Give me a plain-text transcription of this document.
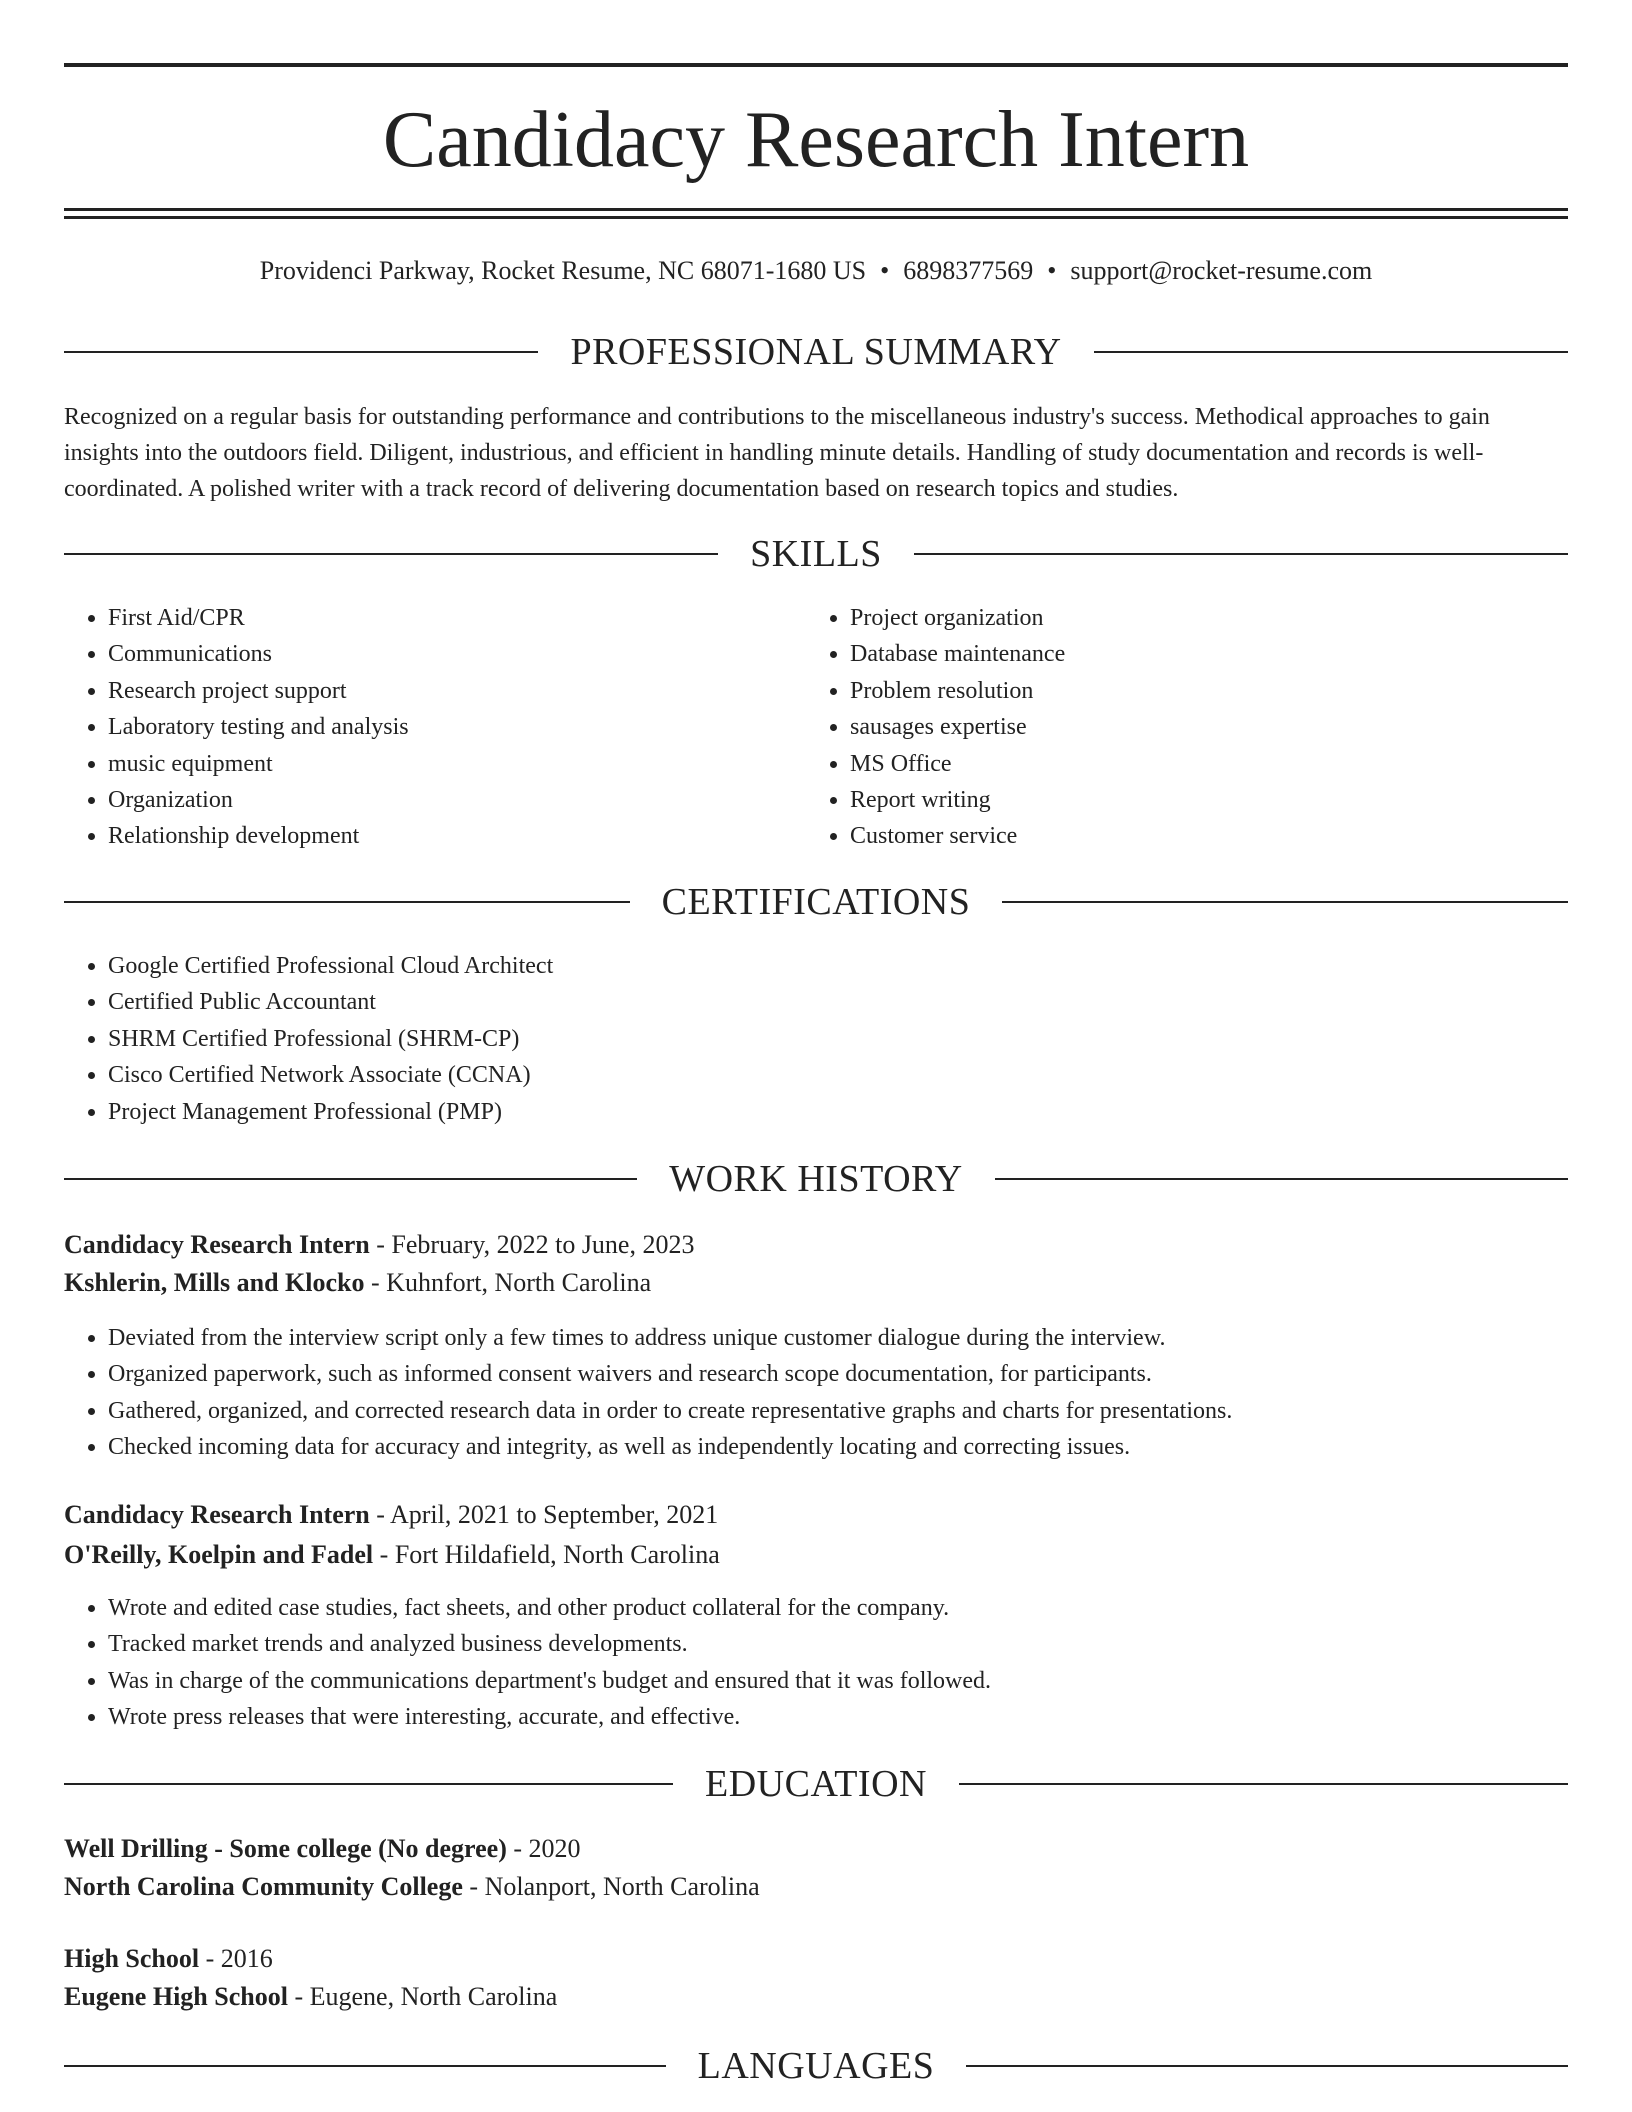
Candidacy Research Intern
Providenci Parkway, Rocket Resume, NC 68071-1680 US • 6898377569 • support@rocket-resume.com
PROFESSIONAL SUMMARY
Recognized on a regular basis for outstanding performance and contributions to the miscellaneous industry's success. Methodical approaches to gain
insights into the outdoors field. Diligent, industrious, and efficient in handling minute details. Handling of study documentation and records is well-
coordinated. A polished writer with a track record of delivering documentation based on research topics and studies.
SKILLS
• First Aid/CPR
• Communications
• Research project support
• Laboratory testing and analysis
• music equipment
• Organization
• Relationship development
• Project organization
• Database maintenance
• Problem resolution
• sausages expertise
• MS Office
• Report writing
• Customer service
CERTIFICATIONS
• Google Certified Professional Cloud Architect
• Certified Public Accountant
• SHRM Certified Professional (SHRM-CP)
• Cisco Certified Network Associate (CCNA)
• Project Management Professional (PMP)
WORK HISTORY
Candidacy Research Intern - February, 2022 to June, 2023
Kshlerin, Mills and Klocko - Kuhnfort, North Carolina
• Deviated from the interview script only a few times to address unique customer dialogue during the interview.
• Organized paperwork, such as informed consent waivers and research scope documentation, for participants.
• Gathered, organized, and corrected research data in order to create representative graphs and charts for presentations.
• Checked incoming data for accuracy and integrity, as well as independently locating and correcting issues.
Candidacy Research Intern - April, 2021 to September, 2021
O'Reilly, Koelpin and Fadel - Fort Hildafield, North Carolina
• Wrote and edited case studies, fact sheets, and other product collateral for the company.
• Tracked market trends and analyzed business developments.
• Was in charge of the communications department's budget and ensured that it was followed.
• Wrote press releases that were interesting, accurate, and effective.
EDUCATION
Well Drilling - Some college (No degree) - 2020
North Carolina Community College - Nolanport, North Carolina
High School - 2016
Eugene High School - Eugene, North Carolina
LANGUAGES
